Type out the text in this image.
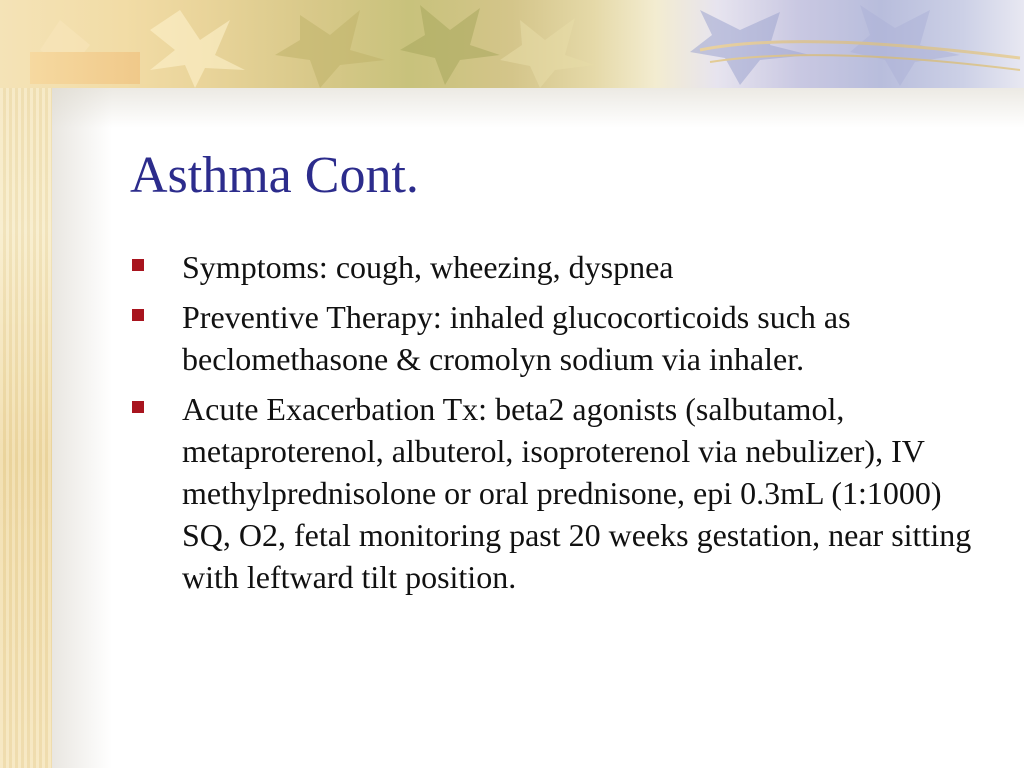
Asthma Cont.
Symptoms: cough, wheezing, dyspnea
Preventive Therapy: inhaled glucocorticoids such as beclomethasone & cromolyn sodium via inhaler.
Acute Exacerbation Tx: beta2 agonists (salbutamol, metaproterenol, albuterol, isoproterenol via nebulizer), IV methylprednisolone or oral prednisone, epi 0.3mL (1:1000) SQ, O2, fetal monitoring past 20 weeks gestation, near sitting with leftward tilt position.
